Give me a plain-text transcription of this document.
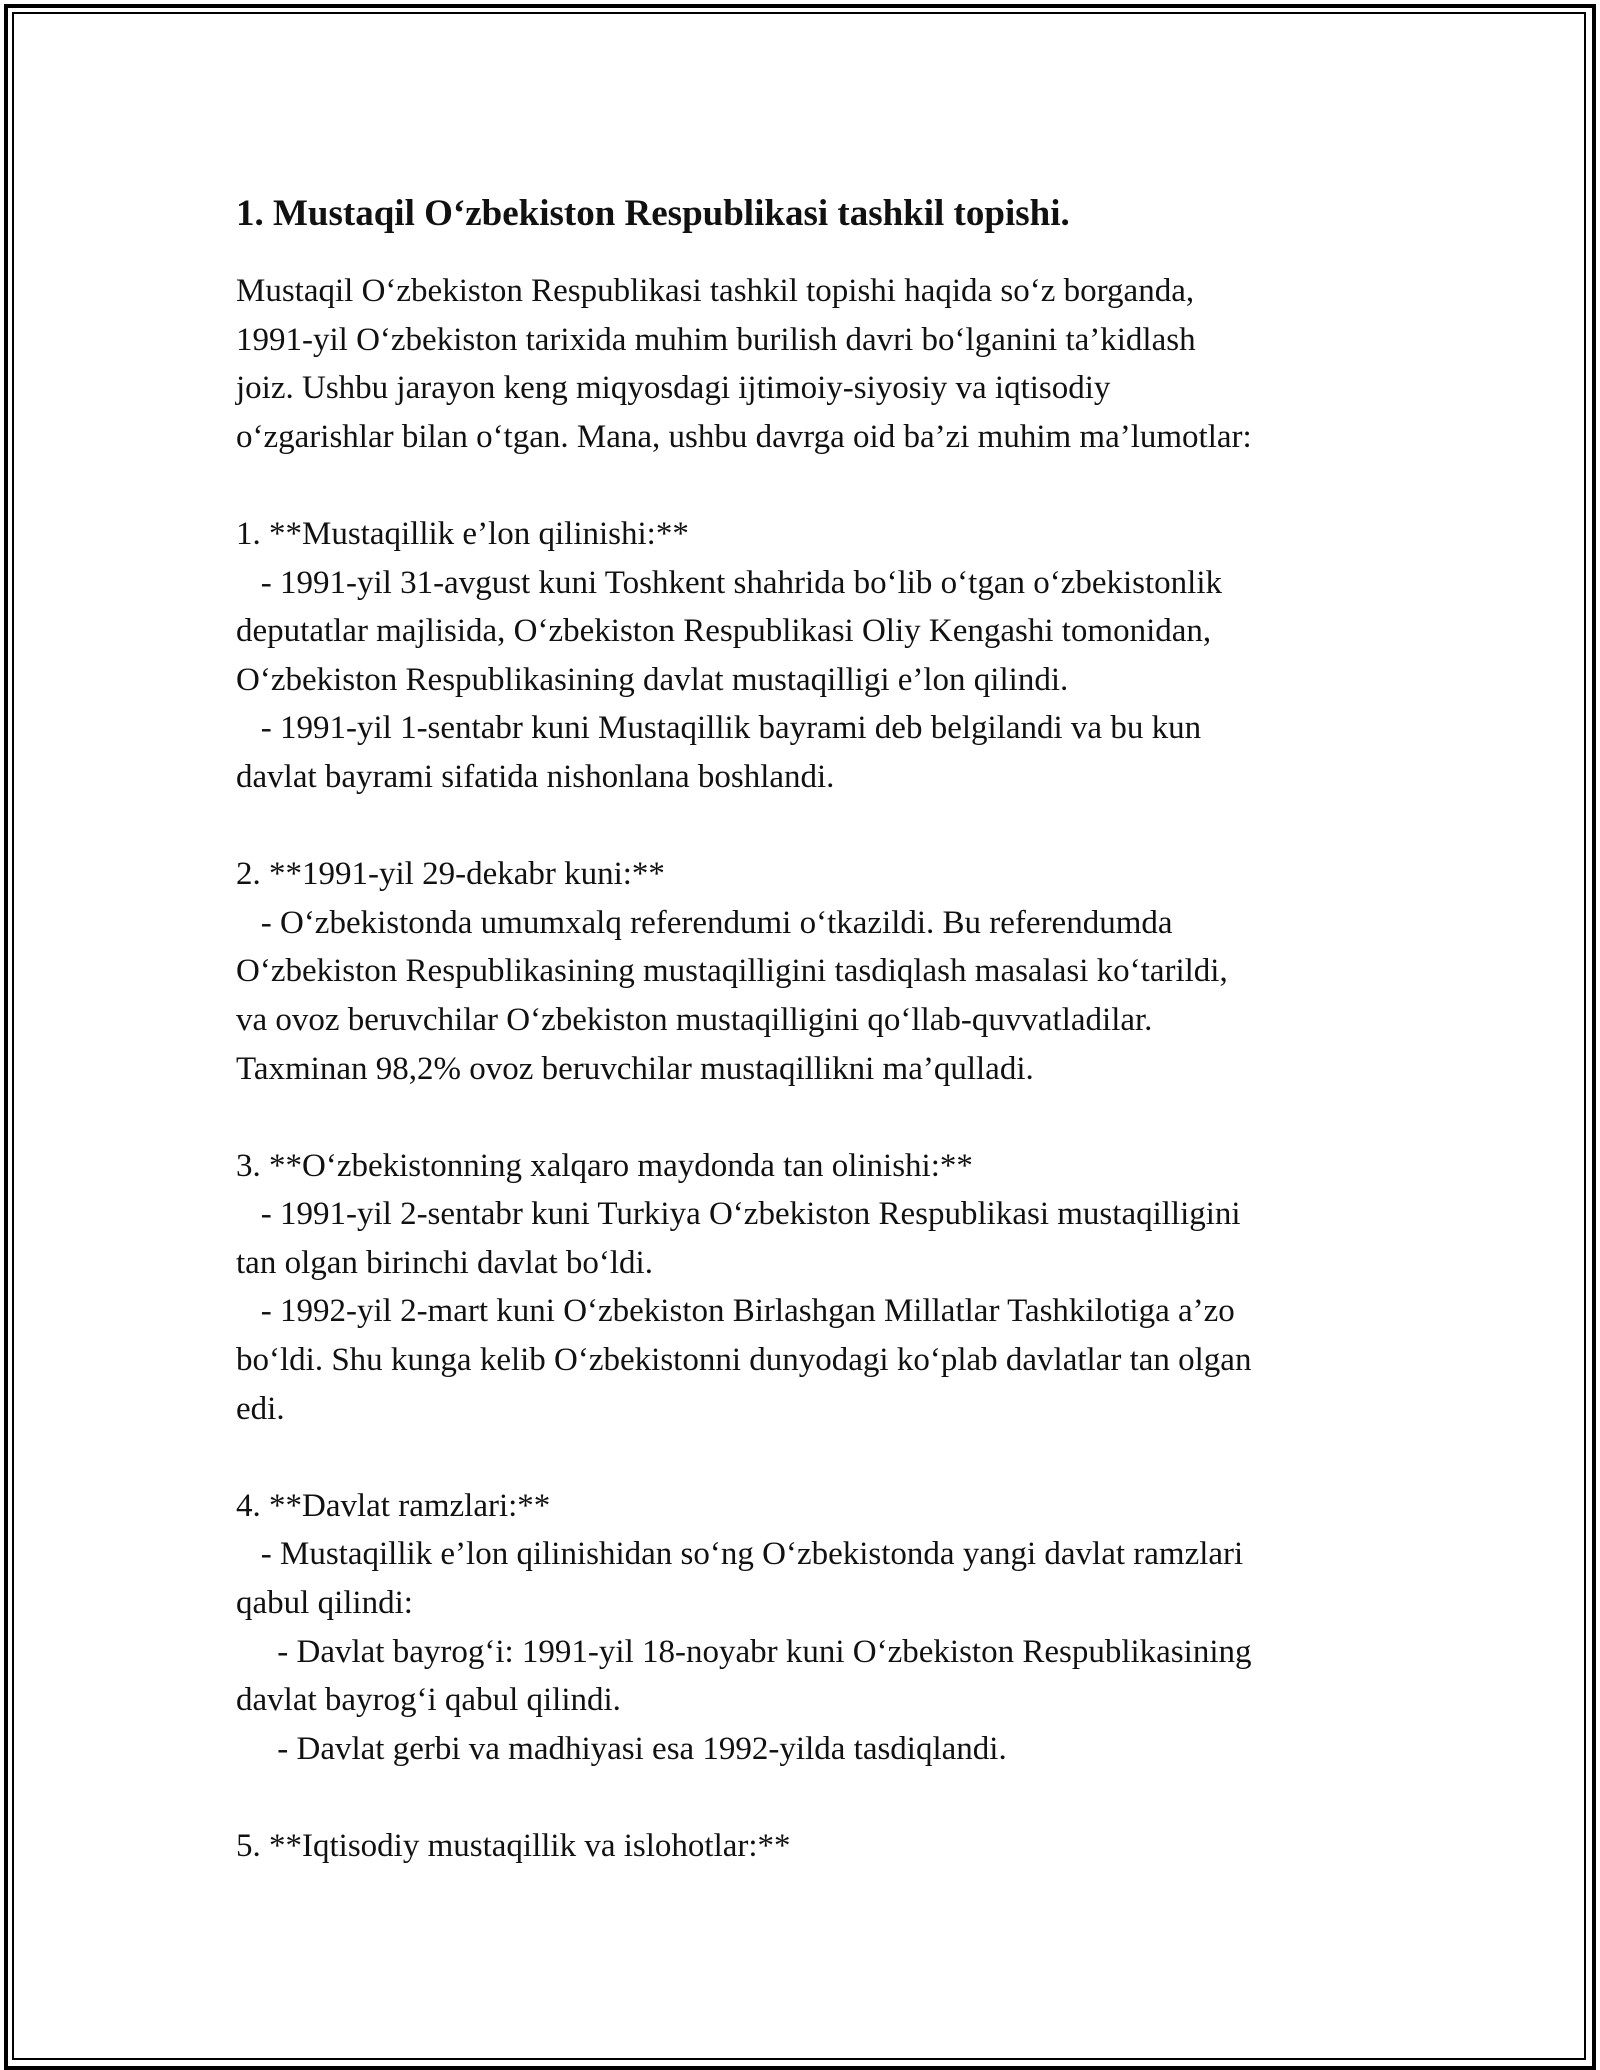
1. Mustaqil O‘zbekiston Respublikasi tashkil topishi.
Mustaqil O‘zbekiston Respublikasi tashkil topishi haqida so‘z borganda,
1991-yil O‘zbekiston tarixida muhim burilish davri bo‘lganini ta’kidlash
joiz. Ushbu jarayon keng miqyosdagi ijtimoiy-siyosiy va iqtisodiy
o‘zgarishlar bilan o‘tgan. Mana, ushbu davrga oid ba’zi muhim ma’lumotlar:
1. **Mustaqillik e’lon qilinishi:**
- 1991-yil 31-avgust kuni Toshkent shahrida bo‘lib o‘tgan o‘zbekistonlik
deputatlar majlisida, O‘zbekiston Respublikasi Oliy Kengashi tomonidan,
O‘zbekiston Respublikasining davlat mustaqilligi e’lon qilindi.
- 1991-yil 1-sentabr kuni Mustaqillik bayrami deb belgilandi va bu kun
davlat bayrami sifatida nishonlana boshlandi.
2. **1991-yil 29-dekabr kuni:**
- O‘zbekistonda umumxalq referendumi o‘tkazildi. Bu referendumda
O‘zbekiston Respublikasining mustaqilligini tasdiqlash masalasi ko‘tarildi,
va ovoz beruvchilar O‘zbekiston mustaqilligini qo‘llab-quvvatladilar.
Taxminan 98,2% ovoz beruvchilar mustaqillikni ma’qulladi.
3. **O‘zbekistonning xalqaro maydonda tan olinishi:**
- 1991-yil 2-sentabr kuni Turkiya O‘zbekiston Respublikasi mustaqilligini
tan olgan birinchi davlat bo‘ldi.
- 1992-yil 2-mart kuni O‘zbekiston Birlashgan Millatlar Tashkilotiga a’zo
bo‘ldi. Shu kunga kelib O‘zbekistonni dunyodagi ko‘plab davlatlar tan olgan
edi.
4. **Davlat ramzlari:**
- Mustaqillik e’lon qilinishidan so‘ng O‘zbekistonda yangi davlat ramzlari
qabul qilindi:
- Davlat bayrog‘i: 1991-yil 18-noyabr kuni O‘zbekiston Respublikasining
davlat bayrog‘i qabul qilindi.
- Davlat gerbi va madhiyasi esa 1992-yilda tasdiqlandi.
5. **Iqtisodiy mustaqillik va islohotlar:**
